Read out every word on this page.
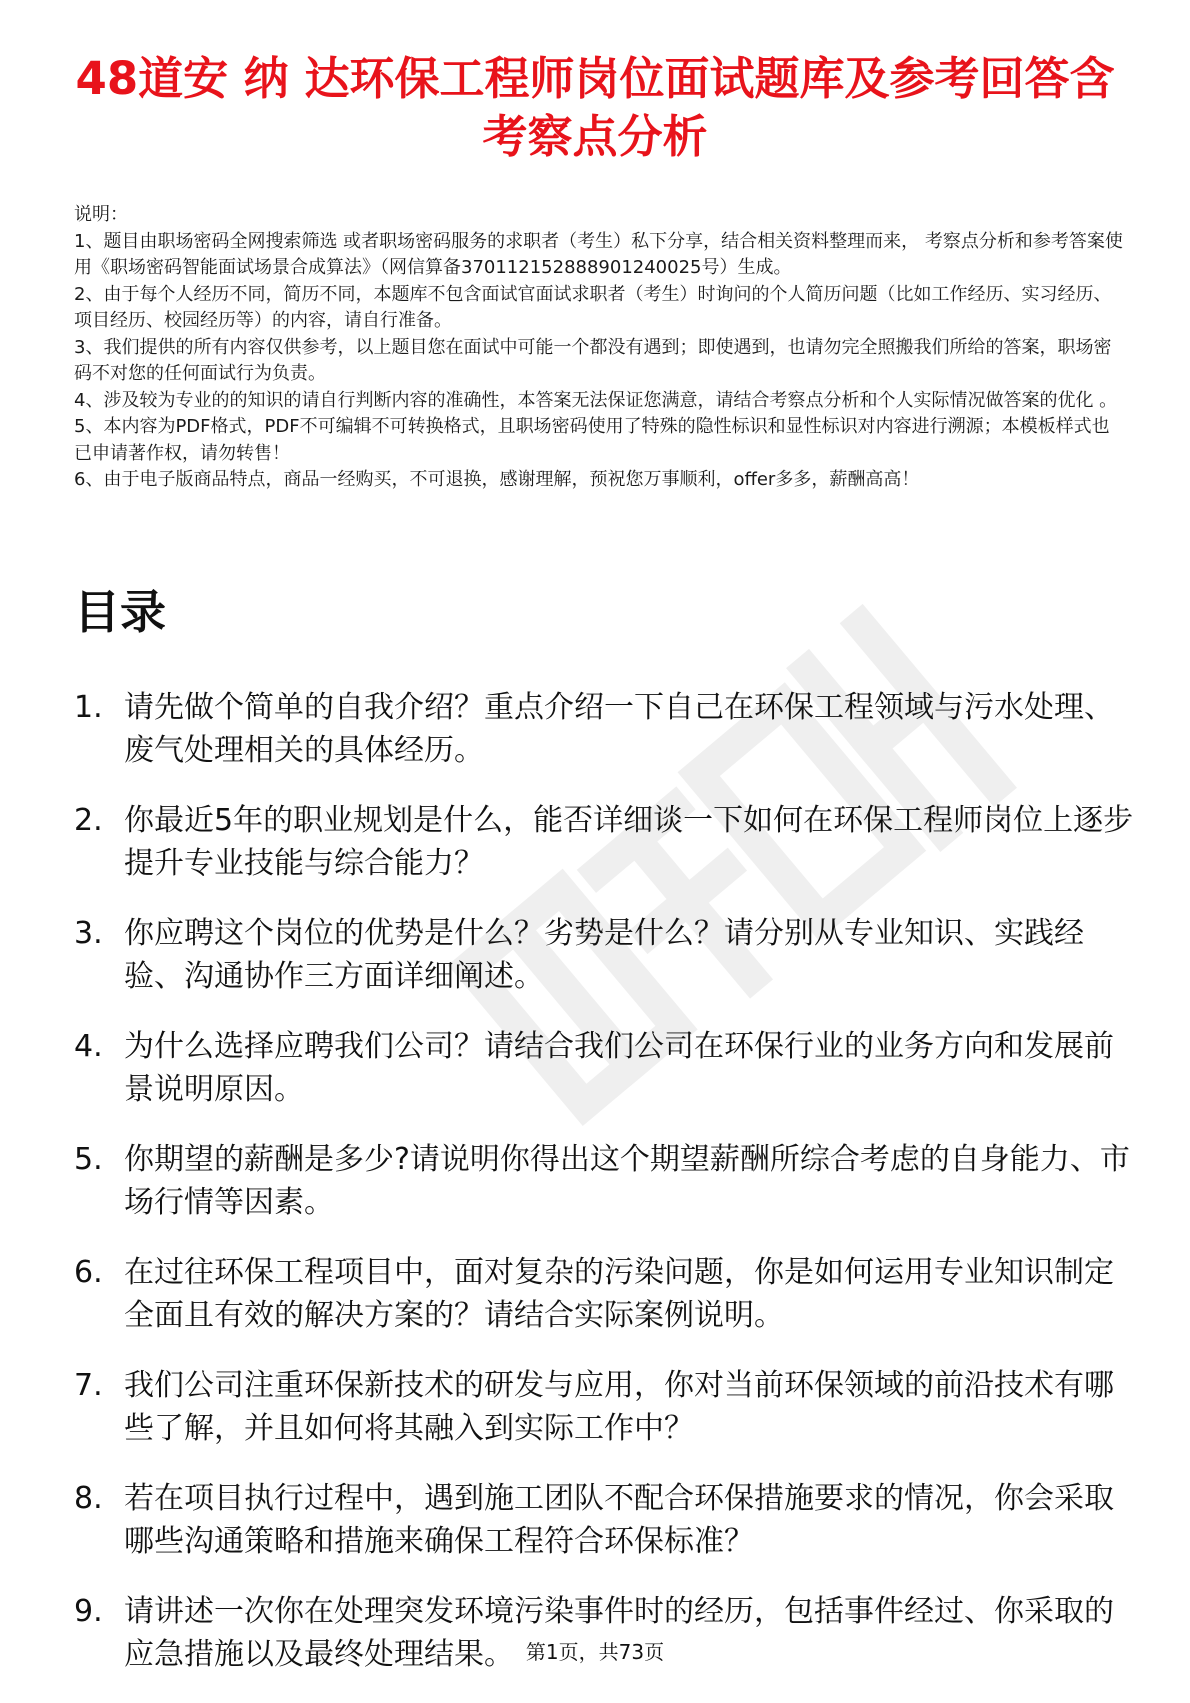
48道安 纳 达环保工程师岗位面试题库及参考回答含考察点分析

说明：

1、题目由职场密码全网搜索筛选 或者职场密码服务的求职者（考生）私下分享，结合相关资料整理而来， 考察点分析和参考答案使用《职场密码智能面试场景合成算法》（网信算备370112152888901240025号）生成。

2、由于每个人经历不同，简历不同，本题库不包含面试官面试求职者（考生）时询问的个人简历问题（比如工作经历、实习经历、项目经历、校园经历等）的内容，请自行准备。

3、我们提供的所有内容仅供参考，以上题目您在面试中可能一个都没有遇到；即使遇到，也请勿完全照搬我们所给的答案，职场密码不对您的任何面试行为负责。

4、涉及较为专业的的知识的请自行判断内容的准确性，本答案无法保证您满意，请结合考察点分析和个人实际情况做答案的优化 。

5、本内容为PDF格式，PDF不可编辑不可转换格式，且职场密码使用了特殊的隐性标识和显性标识对内容进行溯源；本模板样式也已申请著作权，请勿转售！

6、由于电子版商品特点，商品一经购买，不可退换，感谢理解，预祝您万事顺利，offer多多，薪酬高高！

目录
1. 请先做个简单的自我介绍？重点介绍一下自己在环保工程领域与污水处理、废气处理相关的具体经历。
2. 你最近5年的职业规划是什么，能否详细谈一下如何在环保工程师岗位上逐步提升专业技能与综合能力？
3. 你应聘这个岗位的优势是什么？劣势是什么？请分别从专业知识、实践经验、沟通协作三方面详细阐述。
4. 为什么选择应聘我们公司？请结合我们公司在环保行业的业务方向和发展前景说明原因。
5. 你期望的薪酬是多少?请说明你得出这个期望薪酬所综合考虑的自身能力、市场行情等因素。
6. 在过往环保工程项目中，面对复杂的污染问题，你是如何运用专业知识制定全面且有效的解决方案的？请结合实际案例说明。
7. 我们公司注重环保新技术的研发与应用，你对当前环保领域的前沿技术有哪些了解，并且如何将其融入到实际工作中？
8. 若在项目执行过程中，遇到施工团队不配合环保措施要求的情况，你会采取哪些沟通策略和措施来确保工程符合环保标准？
9. 请讲述一次你在处理突发环境污染事件时的经历，包括事件经过、你采取的应急措施以及最终处理结果。 第1页，共73页
